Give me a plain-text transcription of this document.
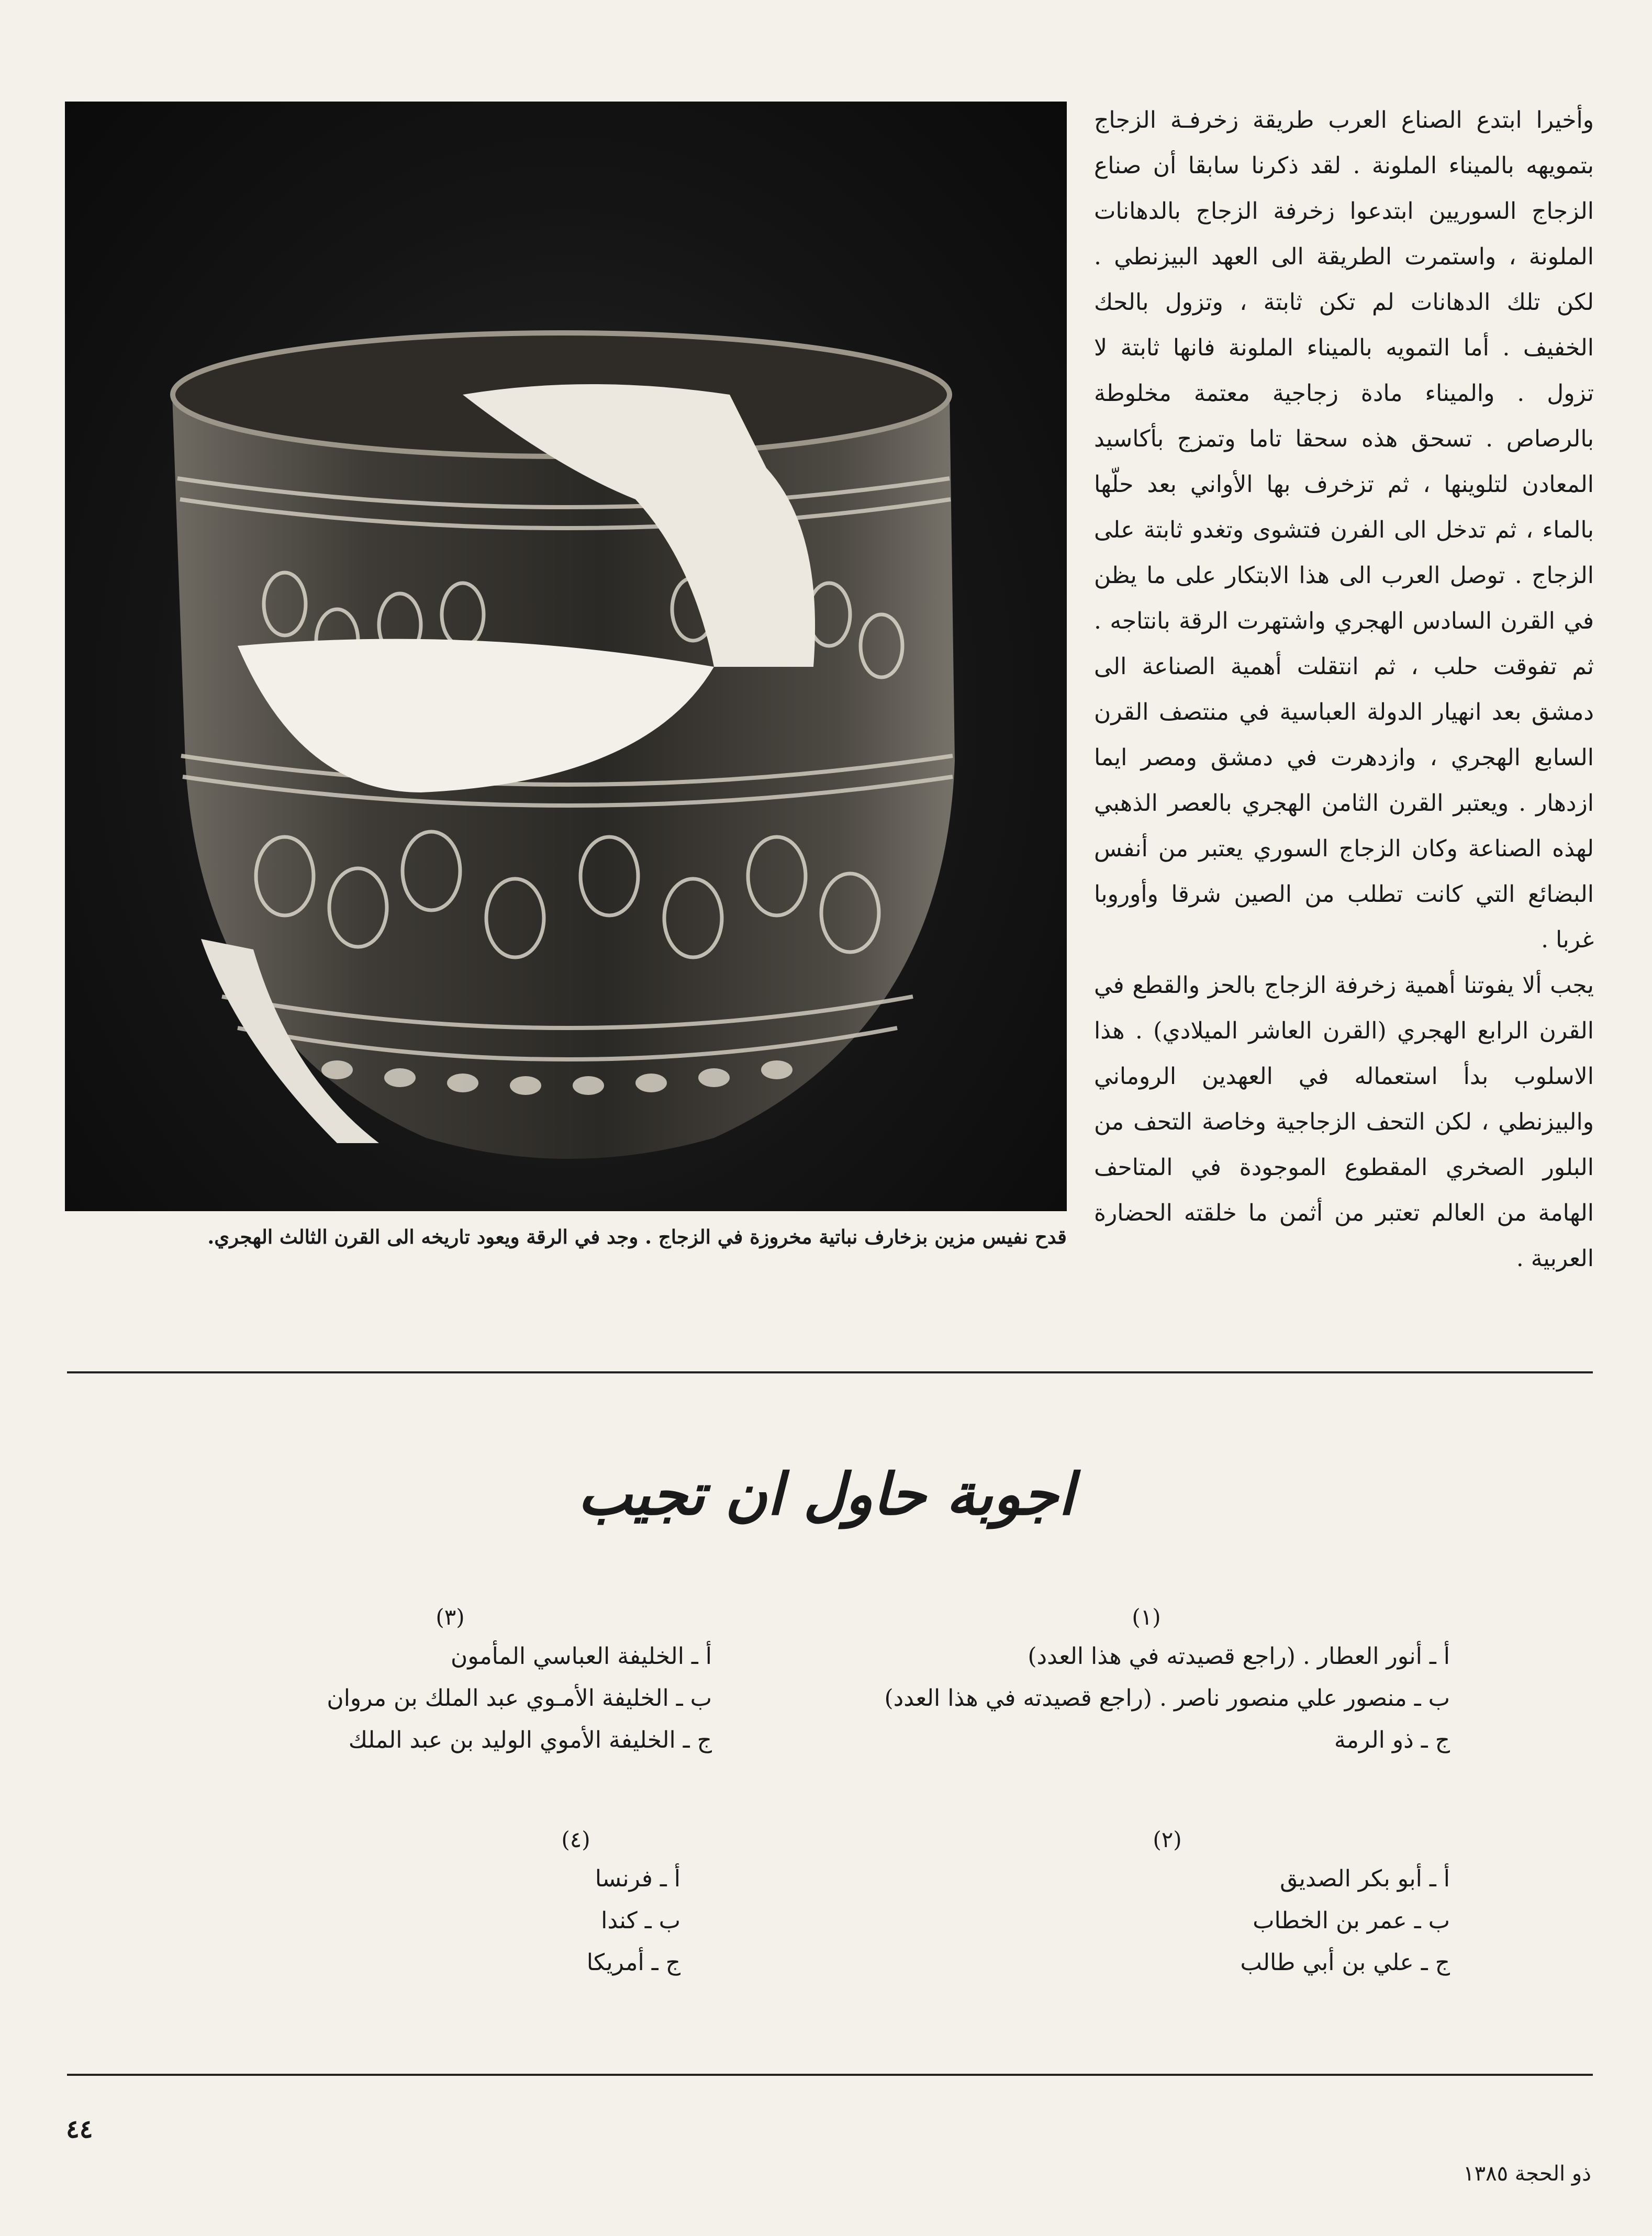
وأخيرا ابتدع الصناع العرب طريقة زخرفـة الزجاج بتمويهه بالميناء الملونة . لقد ذكرنا سابقا أن صناع الزجاج السوريين ابتدعوا زخرفة الزجاج بالدهانات الملونة ، واستمرت الطريقة الى العهد البيزنطي . لكن تلك الدهانات لم تكن ثابتة ، وتزول بالحك الخفيف . أما التمويه بالميناء الملونة فانها ثابتة لا تزول . والميناء مادة زجاجية معتمة مخلوطة بالرصاص . تسحق هذه سحقا تاما وتمزج بأكاسيد المعادن لتلوينها ، ثم تزخرف بها الأواني بعد حلّها بالماء ، ثم تدخل الى الفرن فتشوى وتغدو ثابتة على الزجاج . توصل العرب الى هذا الابتكار على ما يظن في القرن السادس الهجري واشتهرت الرقة بانتاجه . ثم تفوقت حلب ، ثم انتقلت أهمية الصناعة الى دمشق بعد انهيار الدولة العباسية في منتصف القرن السابع الهجري ، وازدهرت في دمشق ومصر ايما ازدهار . ويعتبر القرن الثامن الهجري بالعصر الذهبي لهذه الصناعة وكان الزجاج السوري يعتبر من أنفس البضائع التي كانت تطلب من الصين شرقا وأوروبا غربا .

يجب ألا يفوتنا أهمية زخرفة الزجاج بالحز والقطع في القرن الرابع الهجري (القرن العاشر الميلادي) . هذا الاسلوب بدأ استعماله في العهدين الروماني والبيزنطي ، لكن التحف الزجاجية وخاصة التحف من البلور الصخري المقطوع الموجودة في المتاحف الهامة من العالم تعتبر من أثمن ما خلقته الحضارة العربية .

قدح نفيس مزين بزخارف نباتية مخروزة في الزجاج . وجد في الرقة ويعود تاريخه الى القرن الثالث الهجري.
اجوبة حاول ان تجيب
(١)
أ ـ أنور العطار . (راجع قصيدته في هذا العدد)
ب ـ منصور علي منصور ناصر . (راجع قصيدته في هذا العدد)
ج ـ ذو الرمة
(٢)
أ ـ أبو بكر الصديق
ب ـ عمر بن الخطاب
ج ـ علي بن أبي طالب
(٣)
أ ـ الخليفة العباسي المأمون
ب ـ الخليفة الأمـوي عبد الملك بن مروان
ج ـ الخليفة الأموي الوليد بن عبد الملك
(٤)
أ ـ فرنسا
ب ـ كندا
ج ـ أمريكا
٤٤
ذو الحجة ١٣٨٥
